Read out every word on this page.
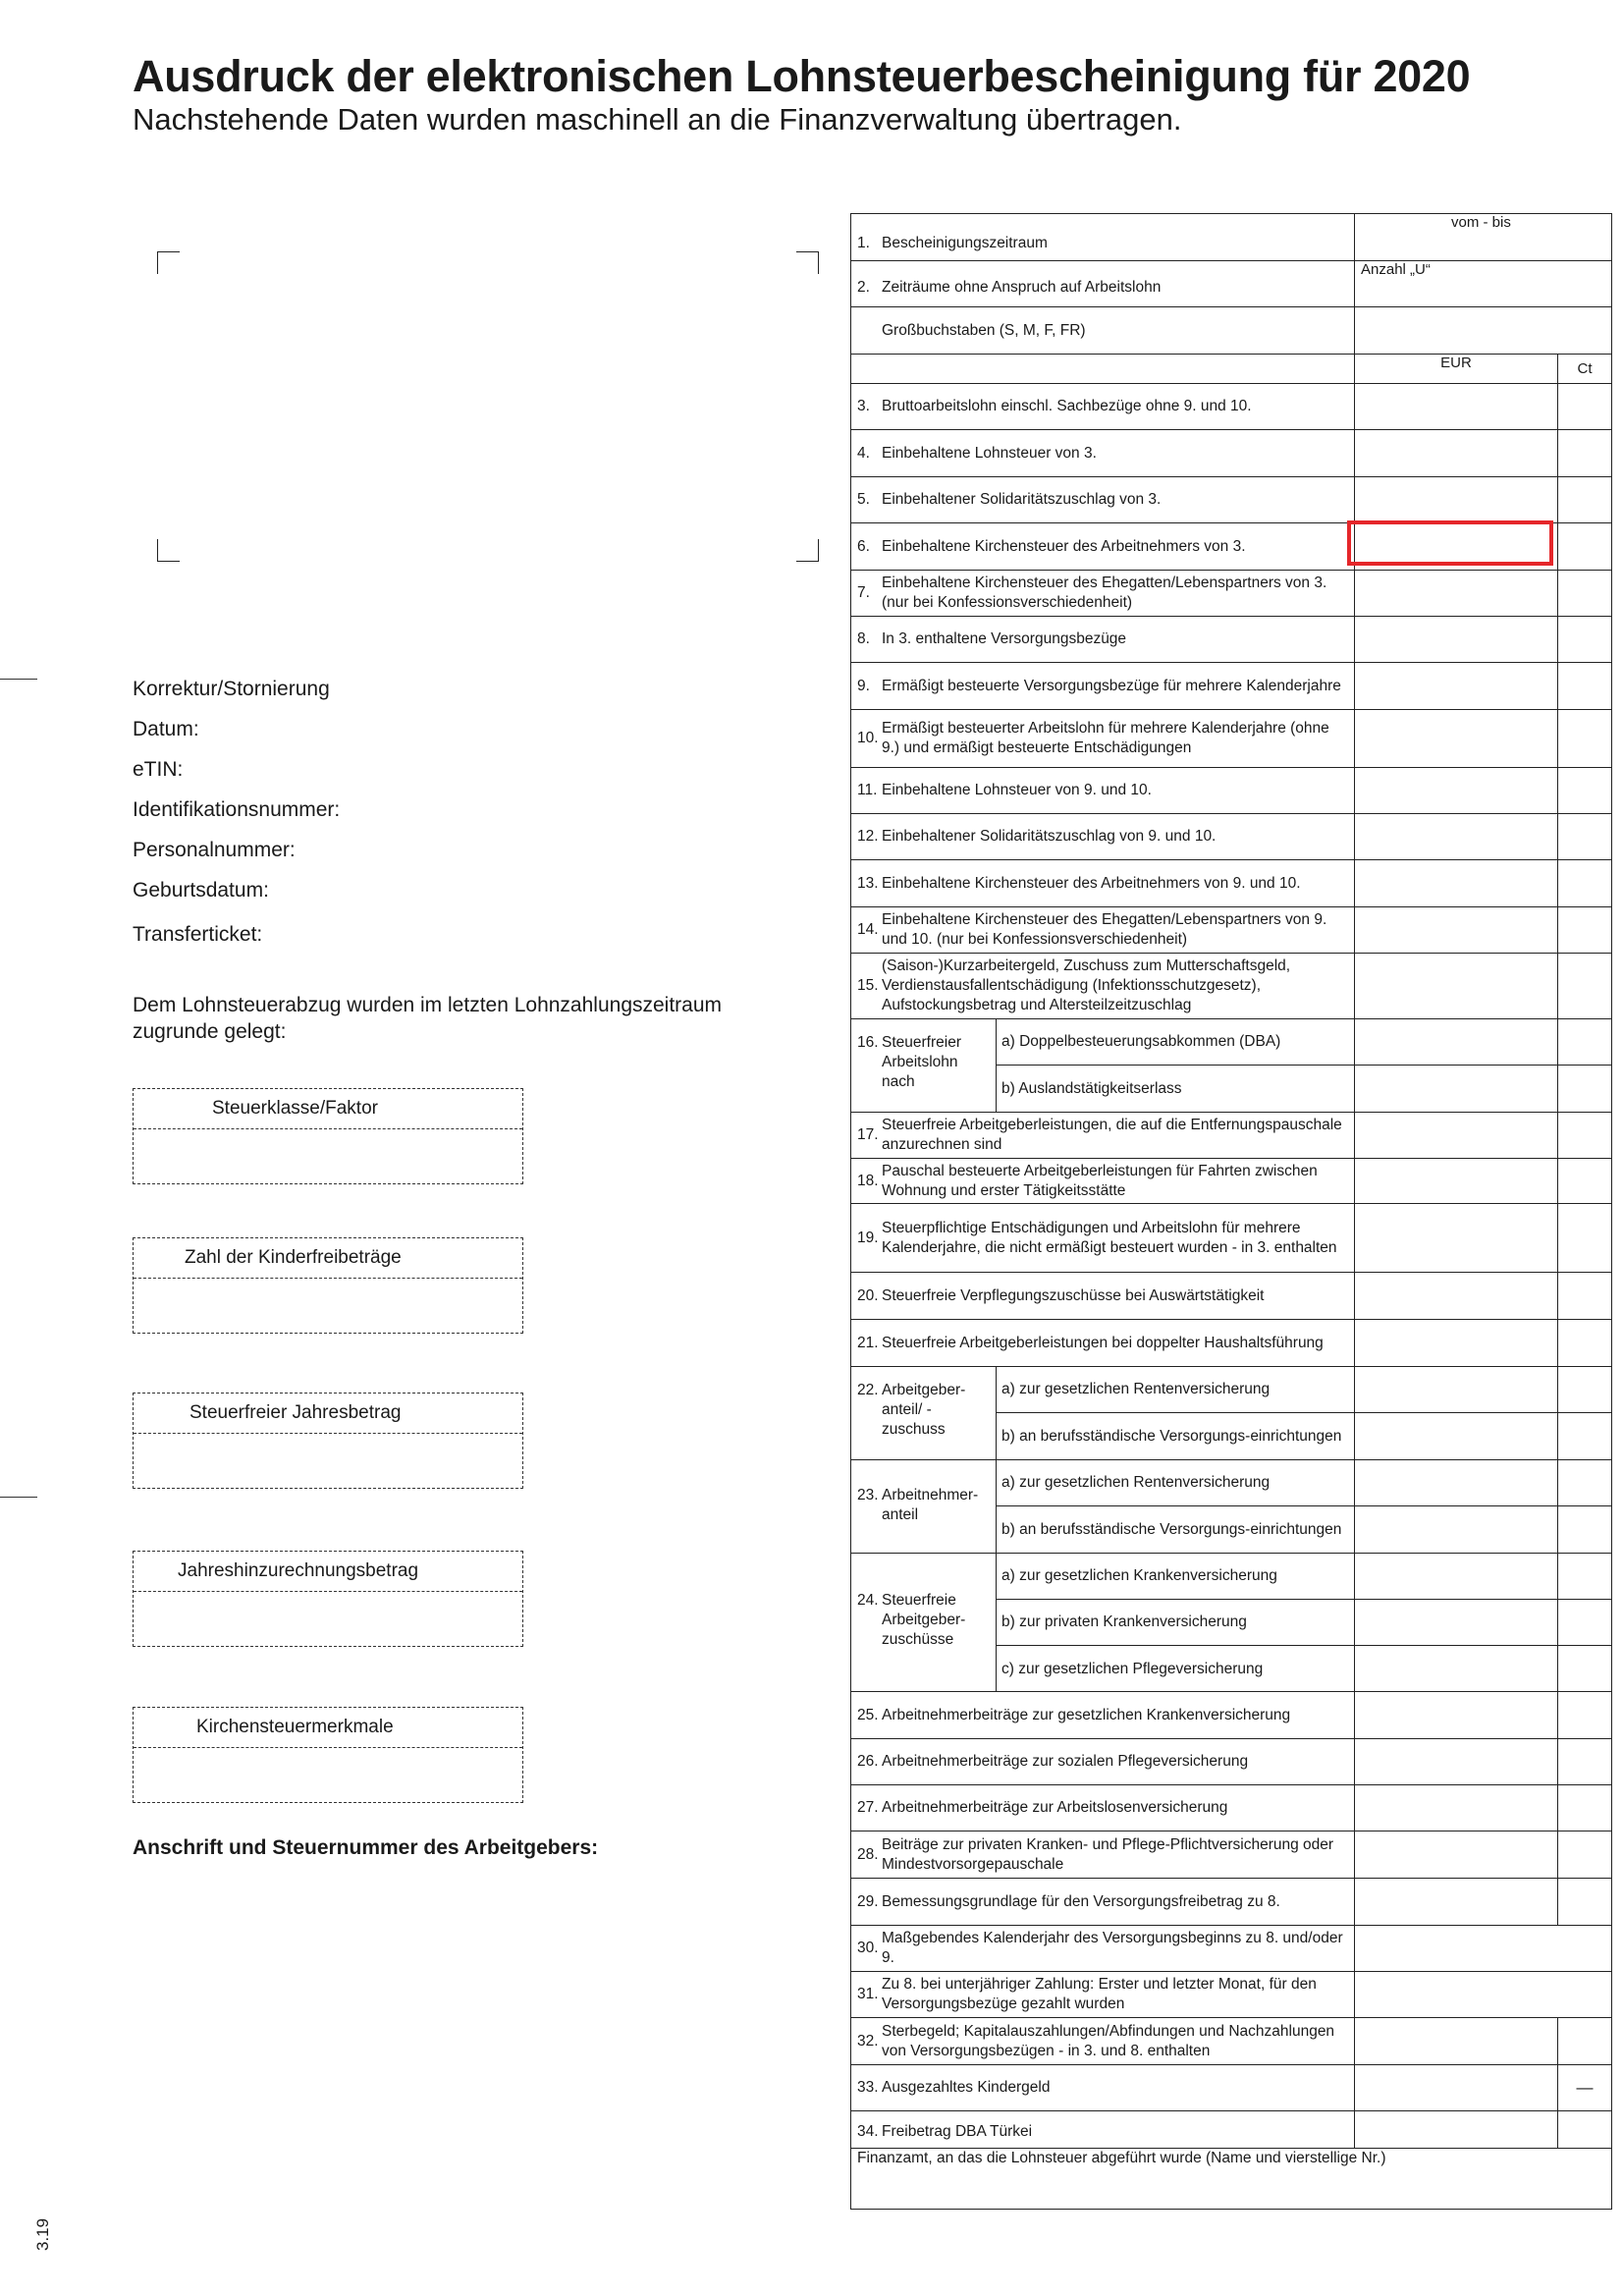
Ausdruck der elektronischen Lohnsteuerbescheinigung für 2020
Nachstehende Daten wurden maschinell an die Finanzverwaltung übertragen.
Korrektur/Stornierung
Datum:
eTIN:
Identifikationsnummer:
Personalnummer:
Geburtsdatum:
Transferticket:
Dem Lohnsteuerabzug wurden im letzten Lohnzahlungszeitraum
zugrunde gelegt:
Steuerklasse/Faktor
Zahl der Kinderfreibeträge
Steuerfreier Jahresbetrag
Jahreshinzurechnungsbetrag
Kirchensteuermerkmale
Anschrift und Steuernummer des Arbeitgebers:
1. Bescheinigungszeitraum
vom - bis
2. Zeiträume ohne Anspruch auf Arbeitslohn
Anzahl „U“
Großbuchstaben (S, M, F, FR)
EUR	Ct
3. Bruttoarbeitslohn einschl. Sachbezüge ohne 9. und 10.
4. Einbehaltene Lohnsteuer von 3.
5. Einbehaltener Solidaritätszuschlag von 3.
6. Einbehaltene Kirchensteuer des Arbeitnehmers von 3.
7.
Einbehaltene Kirchensteuer des Ehegatten/Lebenspartners von 3. (nur bei Konfessionsverschiedenheit)
8. In 3. enthaltene Versorgungsbezüge
9. Ermäßigt besteuerte Versorgungsbezüge für mehrere Kalenderjahre
10.
Ermäßigt besteuerter Arbeitslohn für mehrere Kalenderjahre (ohne 9.) und ermäßigt besteuerte Entschädigungen
11. Einbehaltene Lohnsteuer von 9. und 10.
12. Einbehaltener Solidaritätszuschlag von 9. und 10.
13. Einbehaltene Kirchensteuer des Arbeitnehmers von 9. und 10.
14.
Einbehaltene Kirchensteuer des Ehegatten/Lebenspartners von 9. und 10. (nur bei Konfessionsverschiedenheit)
15.
(Saison-)Kurzarbeitergeld, Zuschuss zum Mutterschaftsgeld, Verdienstausfallentschädigung (Infektionsschutzgesetz), Aufstockungsbetrag und Altersteilzeitzuschlag
16. Steuerfreier Arbeitslohn nach
a) Doppelbesteuerungsabkommen (DBA)
b) Auslandstätigkeitserlass
17.
Steuerfreie Arbeitgeberleistungen, die auf die Entfernungspauschale anzurechnen sind
18.
Pauschal besteuerte Arbeitgeberleistungen für Fahrten zwischen Wohnung und erster Tätigkeitsstätte
19.
Steuerpflichtige Entschädigungen und Arbeitslohn für mehrere Kalenderjahre, die nicht ermäßigt besteuert wurden - in 3. enthalten
20. Steuerfreie Verpflegungszuschüsse bei Auswärtstätigkeit
21. Steuerfreie Arbeitgeberleistungen bei doppelter Haushaltsführung
22. Arbeitgeber-anteil/ -zuschuss
a) zur gesetzlichen Rentenversicherung
b) an berufsständische Versorgungs-einrichtungen
23. Arbeitnehmer-anteil
a) zur gesetzlichen Rentenversicherung
b) an berufsständische Versorgungs-einrichtungen
24. Steuerfreie Arbeitgeber-zuschüsse
a) zur gesetzlichen Krankenversicherung
b) zur privaten Krankenversicherung
c) zur gesetzlichen Pflegeversicherung
25. Arbeitnehmerbeiträge zur gesetzlichen Krankenversicherung
26. Arbeitnehmerbeiträge zur sozialen Pflegeversicherung
27. Arbeitnehmerbeiträge zur Arbeitslosenversicherung
28.
Beiträge zur privaten Kranken- und Pflege-Pflichtversicherung oder Mindestvorsorgepauschale
29. Bemessungsgrundlage für den Versorgungsfreibetrag zu 8.
30.
Maßgebendes Kalenderjahr des Versorgungsbeginns zu 8. und/oder 9.
31.
Zu 8. bei unterjähriger Zahlung: Erster und letzter Monat, für den Versorgungsbezüge gezahlt wurden
32.
Sterbegeld; Kapitalauszahlungen/Abfindungen und Nachzahlungen von Versorgungsbezügen - in 3. und 8. enthalten
33. Ausgezahltes Kindergeld	—
34. Freibetrag DBA Türkei
Finanzamt, an das die Lohnsteuer abgeführt wurde (Name und vierstellige Nr.)
3.19
